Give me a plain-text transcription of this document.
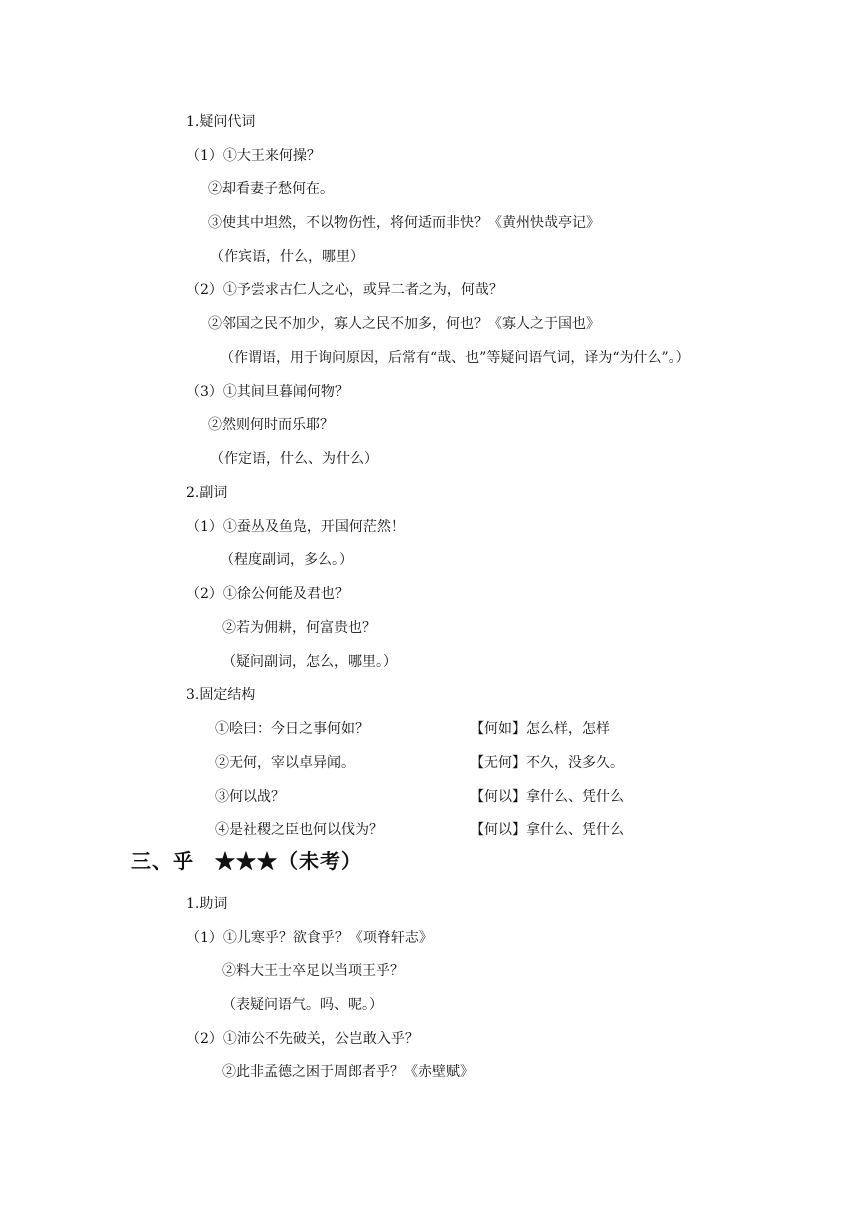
1.疑问代词
（1）①大王来何操？
②却看妻子愁何在。
③使其中坦然，不以物伤性，将何适而非快？《黄州快哉亭记》
（作宾语，什么，哪里）
（2）①予尝求古仁人之心，或异二者之为，何哉？
②邻国之民不加少，寡人之民不加多，何也？《寡人之于国也》
（作谓语，用于询问原因，后常有“哉、也”等疑问语气词，译为“为什么”。）
（3）①其间旦暮闻何物？
②然则何时而乐耶？
（作定语，什么、为什么）
2.副词
（1）①蚕丛及鱼凫，开国何茫然！
（程度副词，多么。）
（2）①徐公何能及君也？
②若为佣耕，何富贵也？
（疑问副词，怎么，哪里。）
3.固定结构
①哙曰：今日之事何如？	【何如】怎么样，怎样
②无何，宰以卓异闻。	【无何】不久，没多久。
③何以战？	【何以】拿什么、凭什么
④是社稷之臣也何以伐为？	【何以】拿什么、凭什么
三、乎　★★★（未考）
1.助词
（1）①儿寒乎？欲食乎？《项脊轩志》
②料大王士卒足以当项王乎？
（表疑问语气。吗、呢。）
（2）①沛公不先破关，公岂敢入乎？
②此非孟德之困于周郎者乎？《赤壁赋》
